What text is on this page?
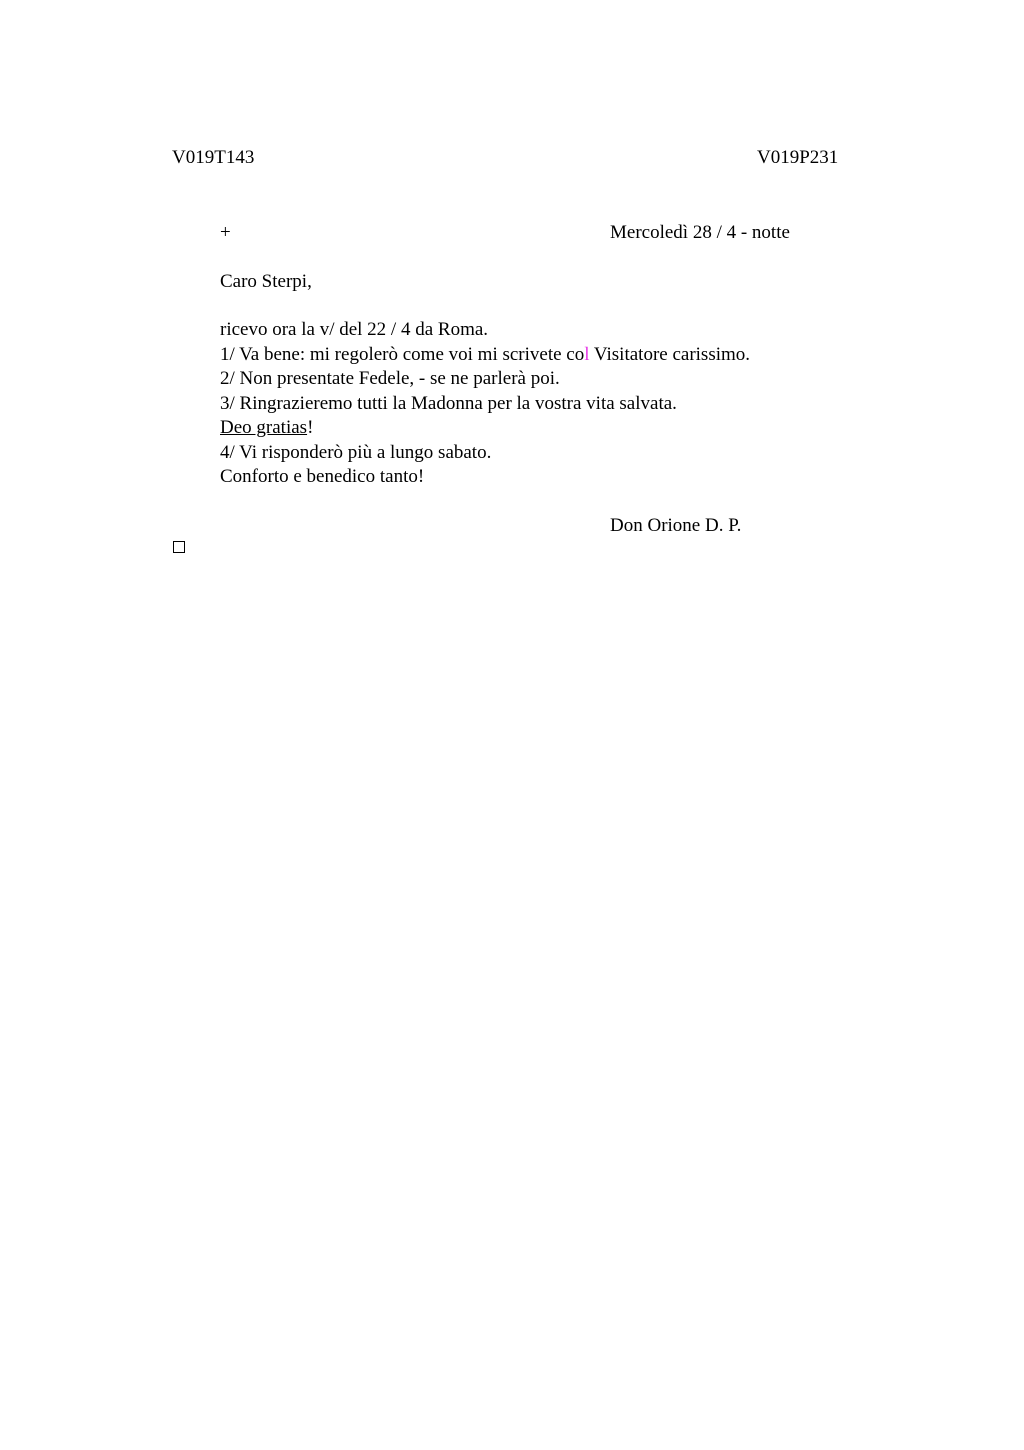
V019T143	V019P231
+	Mercoledì 28 / 4 - notte
Caro Sterpi,
ricevo ora la v/ del 22 / 4 da Roma.
1/ Va bene: mi regolerò come voi mi scrivete col Visitatore carissimo.
2/ Non presentate Fedele, - se ne parlerà poi.
3/ Ringrazieremo tutti la Madonna per la vostra vita salvata.
Deo gratias!
4/ Vi risponderò più a lungo sabato.
Conforto e benedico tanto!
Don Orione D. P.
